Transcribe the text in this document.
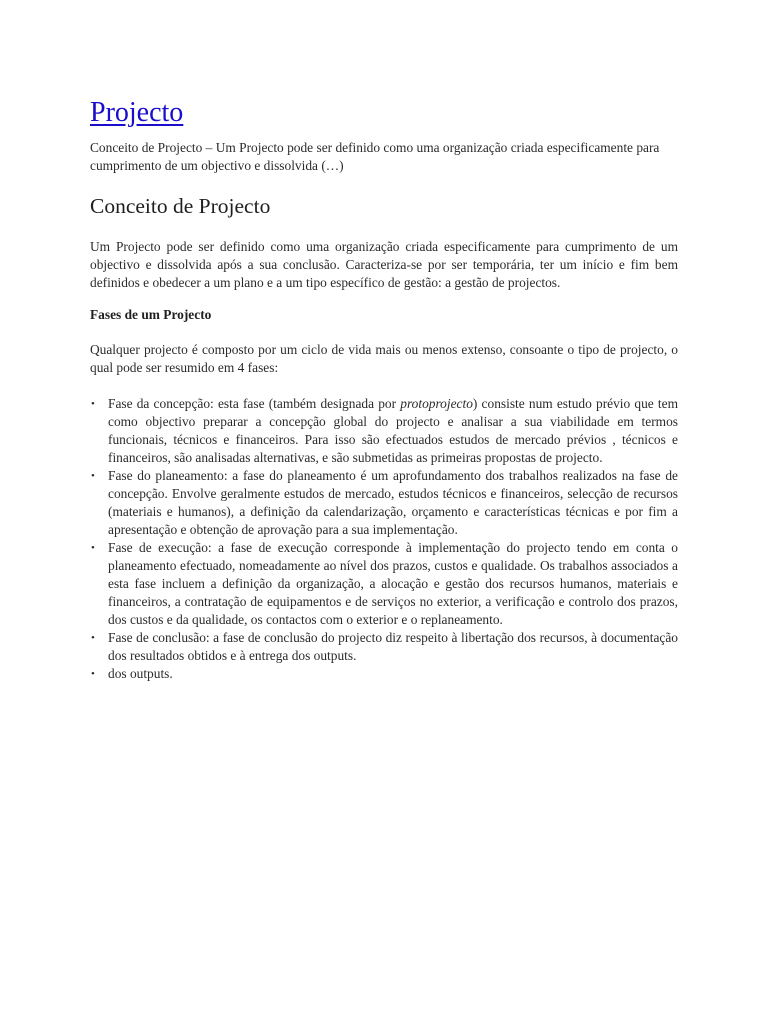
Projecto

Conceito de Projecto – Um Projecto pode ser definido como uma organização criada especificamente para cumprimento de um objectivo e dissolvida (…)

Conceito de Projecto

Um Projecto pode ser definido como uma organização criada especificamente para cumprimento de um objectivo e dissolvida após a sua conclusão. Caracteriza-se por ser temporária, ter um início e fim bem definidos e obedecer a um plano e a um tipo específico de gestão: a gestão de projectos.

Fases de um Projecto

Qualquer projecto é composto por um ciclo de vida mais ou menos extenso, consoante o tipo de projecto, o qual pode ser resumido em 4 fases:

• Fase da concepção: esta fase (também designada por protoprojecto) consiste num estudo prévio que tem como objectivo preparar a concepção global do projecto e analisar a sua viabilidade em termos funcionais, técnicos e financeiros. Para isso são efectuados estudos de mercado prévios , técnicos e financeiros, são analisadas alternativas, e são submetidas as primeiras propostas de projecto.
• Fase do planeamento: a fase do planeamento é um aprofundamento dos trabalhos realizados na fase de concepção. Envolve geralmente estudos de mercado, estudos técnicos e financeiros, selecção de recursos (materiais e humanos), a definição da calendarização, orçamento e características técnicas e por fim a apresentação e obtenção de aprovação para a sua implementação.
• Fase de execução: a fase de execução corresponde à implementação do projecto tendo em conta o planeamento efectuado, nomeadamente ao nível dos prazos, custos e qualidade. Os trabalhos associados a esta fase incluem a definição da organização, a alocação e gestão dos recursos humanos, materiais e financeiros, a contratação de equipamentos e de serviços no exterior, a verificação e controlo dos prazos, dos custos e da qualidade, os contactos com o exterior e o replaneamento.
• Fase de conclusão: a fase de conclusão do projecto diz respeito à libertação dos recursos, à documentação dos resultados obtidos e à entrega dos outputs.
• dos outputs.
